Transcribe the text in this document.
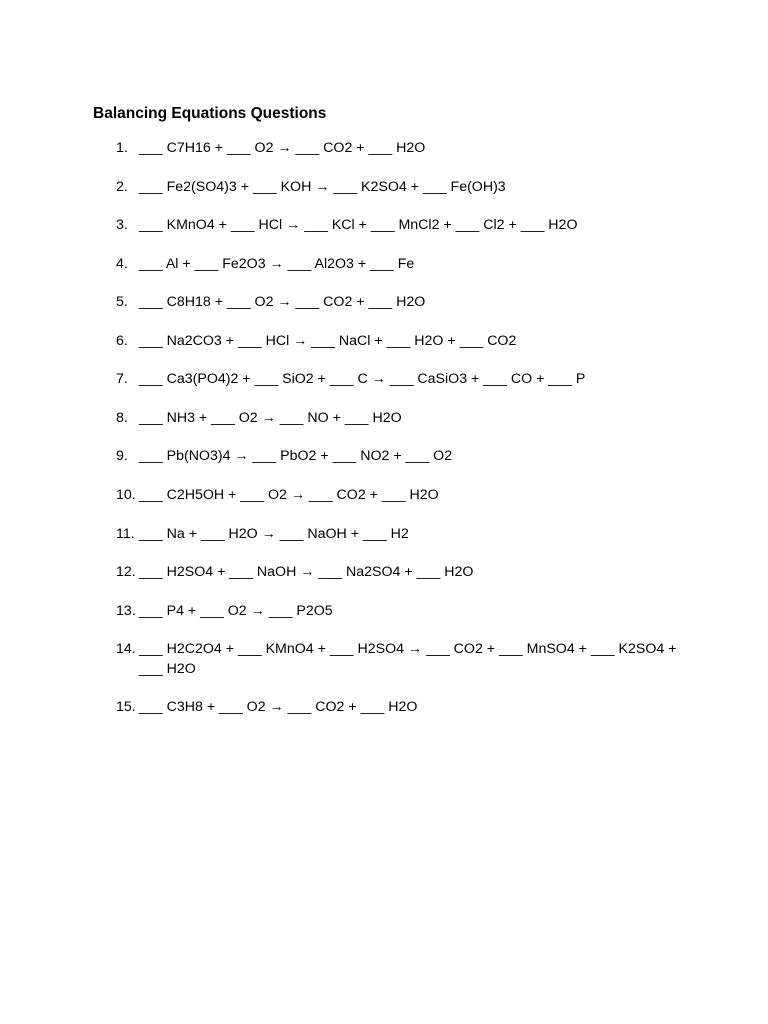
Balancing Equations Questions
1. ___ C7H16 + ___ O2 → ___ CO2 + ___ H2O
2. ___ Fe2(SO4)3 + ___ KOH → ___ K2SO4 + ___ Fe(OH)3
3. ___ KMnO4 + ___ HCl → ___ KCl + ___ MnCl2 + ___ Cl2 + ___ H2O
4. ___ Al + ___ Fe2O3 → ___ Al2O3 + ___ Fe
5. ___ C8H18 + ___ O2 → ___ CO2 + ___ H2O
6. ___ Na2CO3 + ___ HCl → ___ NaCl + ___ H2O + ___ CO2
7. ___ Ca3(PO4)2 + ___ SiO2 + ___ C → ___ CaSiO3 + ___ CO + ___ P
8. ___ NH3 + ___ O2 → ___ NO + ___ H2O
9. ___ Pb(NO3)4 → ___ PbO2 + ___ NO2 + ___ O2
10. ___ C2H5OH + ___ O2 → ___ CO2 + ___ H2O
11. ___ Na + ___ H2O → ___ NaOH + ___ H2
12. ___ H2SO4 + ___ NaOH → ___ Na2SO4 + ___ H2O
13. ___ P4 + ___ O2 → ___ P2O5
14. ___ H2C2O4 + ___ KMnO4 + ___ H2SO4 → ___ CO2 + ___ MnSO4 + ___ K2SO4 + ___ H2O
15. ___ C3H8 + ___ O2 → ___ CO2 + ___ H2O
